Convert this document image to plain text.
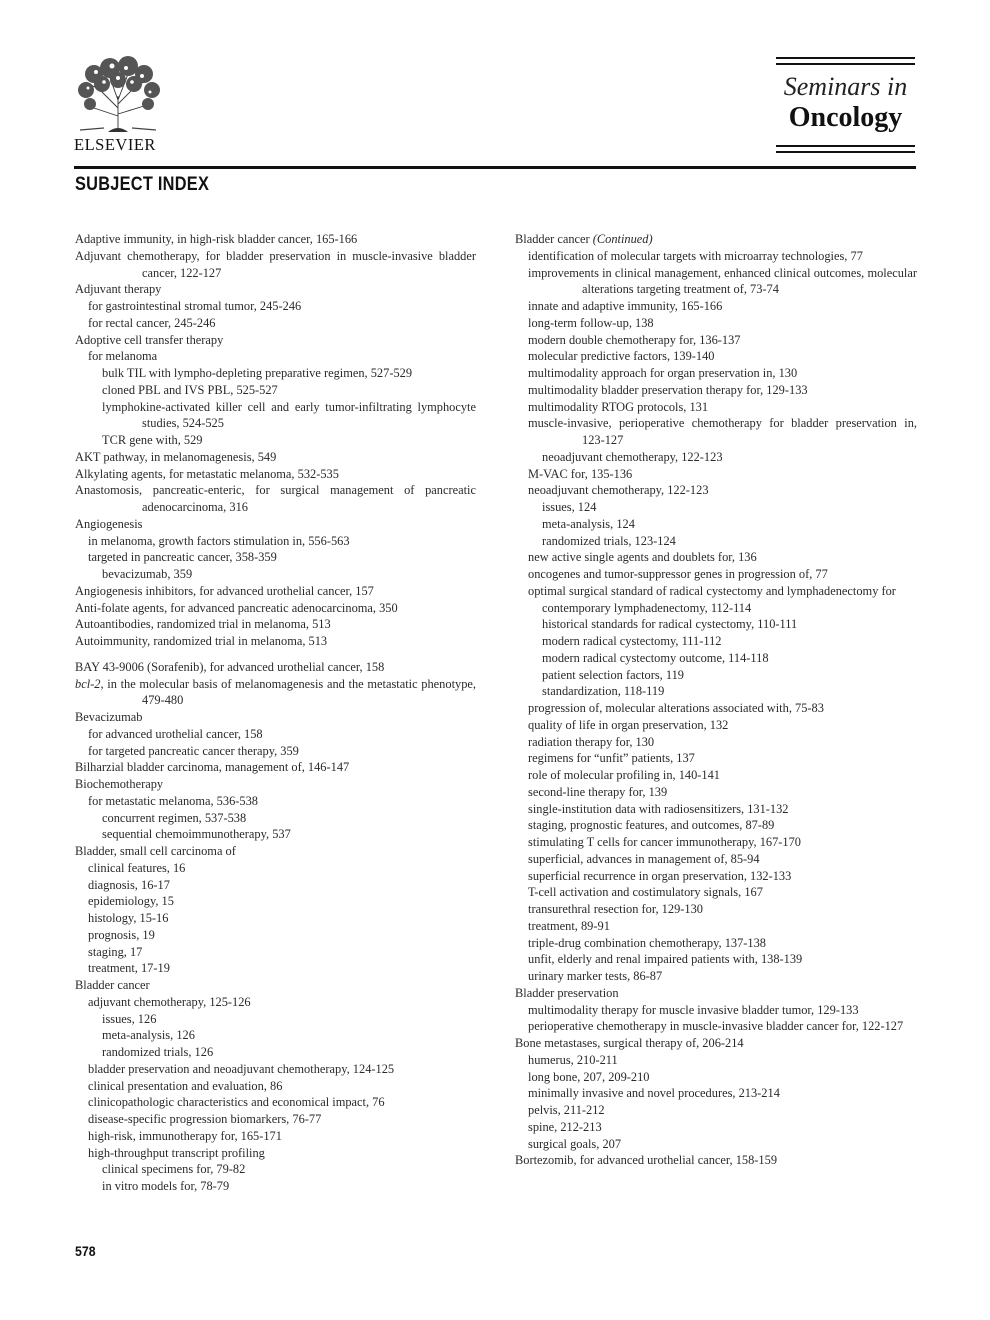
ELSEVIER
Seminars in
Oncology
SUBJECT INDEX
Adaptive immunity, in high-risk bladder cancer, 165-166
Adjuvant chemotherapy, for bladder preservation in muscle-invasive bladder cancer, 122-127
Adjuvant therapy
for gastrointestinal stromal tumor, 245-246
for rectal cancer, 245-246
Adoptive cell transfer therapy
for melanoma
bulk TIL with lympho-depleting preparative regimen, 527-529
cloned PBL and IVS PBL, 525-527
lymphokine-activated killer cell and early tumor-infiltrating lymphocyte studies, 524-525
TCR gene with, 529
AKT pathway, in melanomagenesis, 549
Alkylating agents, for metastatic melanoma, 532-535
Anastomosis, pancreatic-enteric, for surgical management of pancreatic adenocarcinoma, 316
Angiogenesis
in melanoma, growth factors stimulation in, 556-563
targeted in pancreatic cancer, 358-359
bevacizumab, 359
Angiogenesis inhibitors, for advanced urothelial cancer, 157
Anti-folate agents, for advanced pancreatic adenocarcinoma, 350
Autoantibodies, randomized trial in melanoma, 513
Autoimmunity, randomized trial in melanoma, 513
BAY 43-9006 (Sorafenib), for advanced urothelial cancer, 158
bcl-2, in the molecular basis of melanomagenesis and the metastatic phenotype, 479-480
Bevacizumab
for advanced urothelial cancer, 158
for targeted pancreatic cancer therapy, 359
Bilharzial bladder carcinoma, management of, 146-147
Biochemotherapy
for metastatic melanoma, 536-538
concurrent regimen, 537-538
sequential chemoimmunotherapy, 537
Bladder, small cell carcinoma of
clinical features, 16
diagnosis, 16-17
epidemiology, 15
histology, 15-16
prognosis, 19
staging, 17
treatment, 17-19
Bladder cancer
adjuvant chemotherapy, 125-126
issues, 126
meta-analysis, 126
randomized trials, 126
bladder preservation and neoadjuvant chemotherapy, 124-125
clinical presentation and evaluation, 86
clinicopathologic characteristics and economical impact, 76
disease-specific progression biomarkers, 76-77
high-risk, immunotherapy for, 165-171
high-throughput transcript profiling
clinical specimens for, 79-82
in vitro models for, 78-79
Bladder cancer (Continued)
identification of molecular targets with microarray technologies, 77
improvements in clinical management, enhanced clinical outcomes, molecular alterations targeting treatment of, 73-74
innate and adaptive immunity, 165-166
long-term follow-up, 138
modern double chemotherapy for, 136-137
molecular predictive factors, 139-140
multimodality approach for organ preservation in, 130
multimodality bladder preservation therapy for, 129-133
multimodality RTOG protocols, 131
muscle-invasive, perioperative chemotherapy for bladder preservation in, 123-127
neoadjuvant chemotherapy, 122-123
M-VAC for, 135-136
neoadjuvant chemotherapy, 122-123
issues, 124
meta-analysis, 124
randomized trials, 123-124
new active single agents and doublets for, 136
oncogenes and tumor-suppressor genes in progression of, 77
optimal surgical standard of radical cystectomy and lymphadenectomy for
contemporary lymphadenectomy, 112-114
historical standards for radical cystectomy, 110-111
modern radical cystectomy, 111-112
modern radical cystectomy outcome, 114-118
patient selection factors, 119
standardization, 118-119
progression of, molecular alterations associated with, 75-83
quality of life in organ preservation, 132
radiation therapy for, 130
regimens for “unfit” patients, 137
role of molecular profiling in, 140-141
second-line therapy for, 139
single-institution data with radiosensitizers, 131-132
staging, prognostic features, and outcomes, 87-89
stimulating T cells for cancer immunotherapy, 167-170
superficial, advances in management of, 85-94
superficial recurrence in organ preservation, 132-133
T-cell activation and costimulatory signals, 167
transurethral resection for, 129-130
treatment, 89-91
triple-drug combination chemotherapy, 137-138
unfit, elderly and renal impaired patients with, 138-139
urinary marker tests, 86-87
Bladder preservation
multimodality therapy for muscle invasive bladder tumor, 129-133
perioperative chemotherapy in muscle-invasive bladder cancer for, 122-127
Bone metastases, surgical therapy of, 206-214
humerus, 210-211
long bone, 207, 209-210
minimally invasive and novel procedures, 213-214
pelvis, 211-212
spine, 212-213
surgical goals, 207
Bortezomib, for advanced urothelial cancer, 158-159
578
